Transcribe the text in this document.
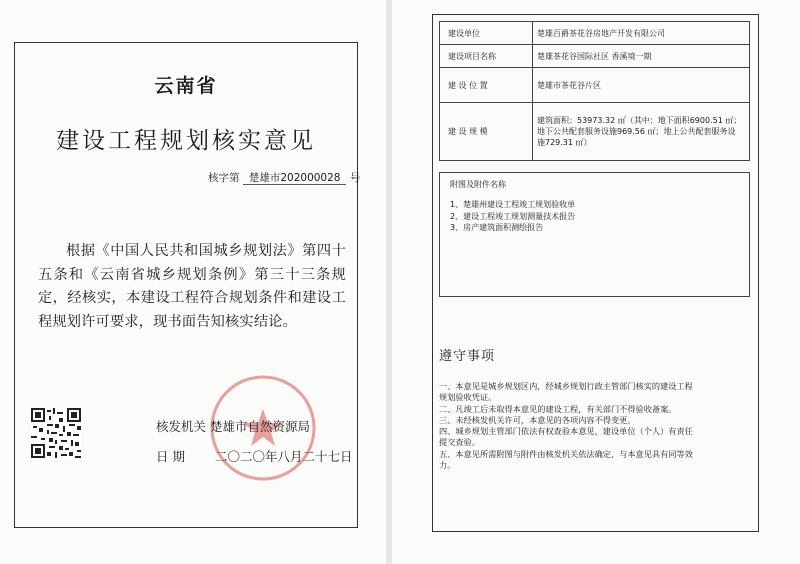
云南省
建设工程规划核实意见
核字第 楚雄市202000028 号
根据《中国人民共和国城乡规划法》第四十五条和《云南省城乡规划条例》第三十三条规定，经核实，本建设工程符合规划条件和建设工程规划许可要求，现书面告知核实结论。
核发机关 楚雄市自然资源局
日 期 二〇二〇年八月二十七日
建设单位	楚雄百爵茶花谷房地产开发有限公司
建设项目名称	楚雄茶花谷国际社区 香溪境一期
建 设 位 置	楚雄市茶花谷片区
建 设 规 模	建筑面积：53973.32 ㎡（其中：地下面积6900.51 ㎡；
地下公共配套服务设施969.56 ㎡；地上公共配套服务设
施729.31 ㎡）
附图及附件名称
1、楚雄州建设工程竣工规划验收单
2、建设工程竣工规划测量技术报告
3、房产建筑面积测绘报告
遵守事项
一、本意见是城乡规划区内，经城乡规划行政主管部门核实的建设工程
规划验收凭证。
二、凡竣工后未取得本意见的建设工程，有关部门不得验收备案。
三、未经核发机关许可，本意见的各项内容不得变更。
四、城乡规划主管部门依法有权查验本意见，建设单位（个人）有责任
提交查验。
五、本意见所需附图与附件由核发机关依法确定，与本意见具有同等效
力。
